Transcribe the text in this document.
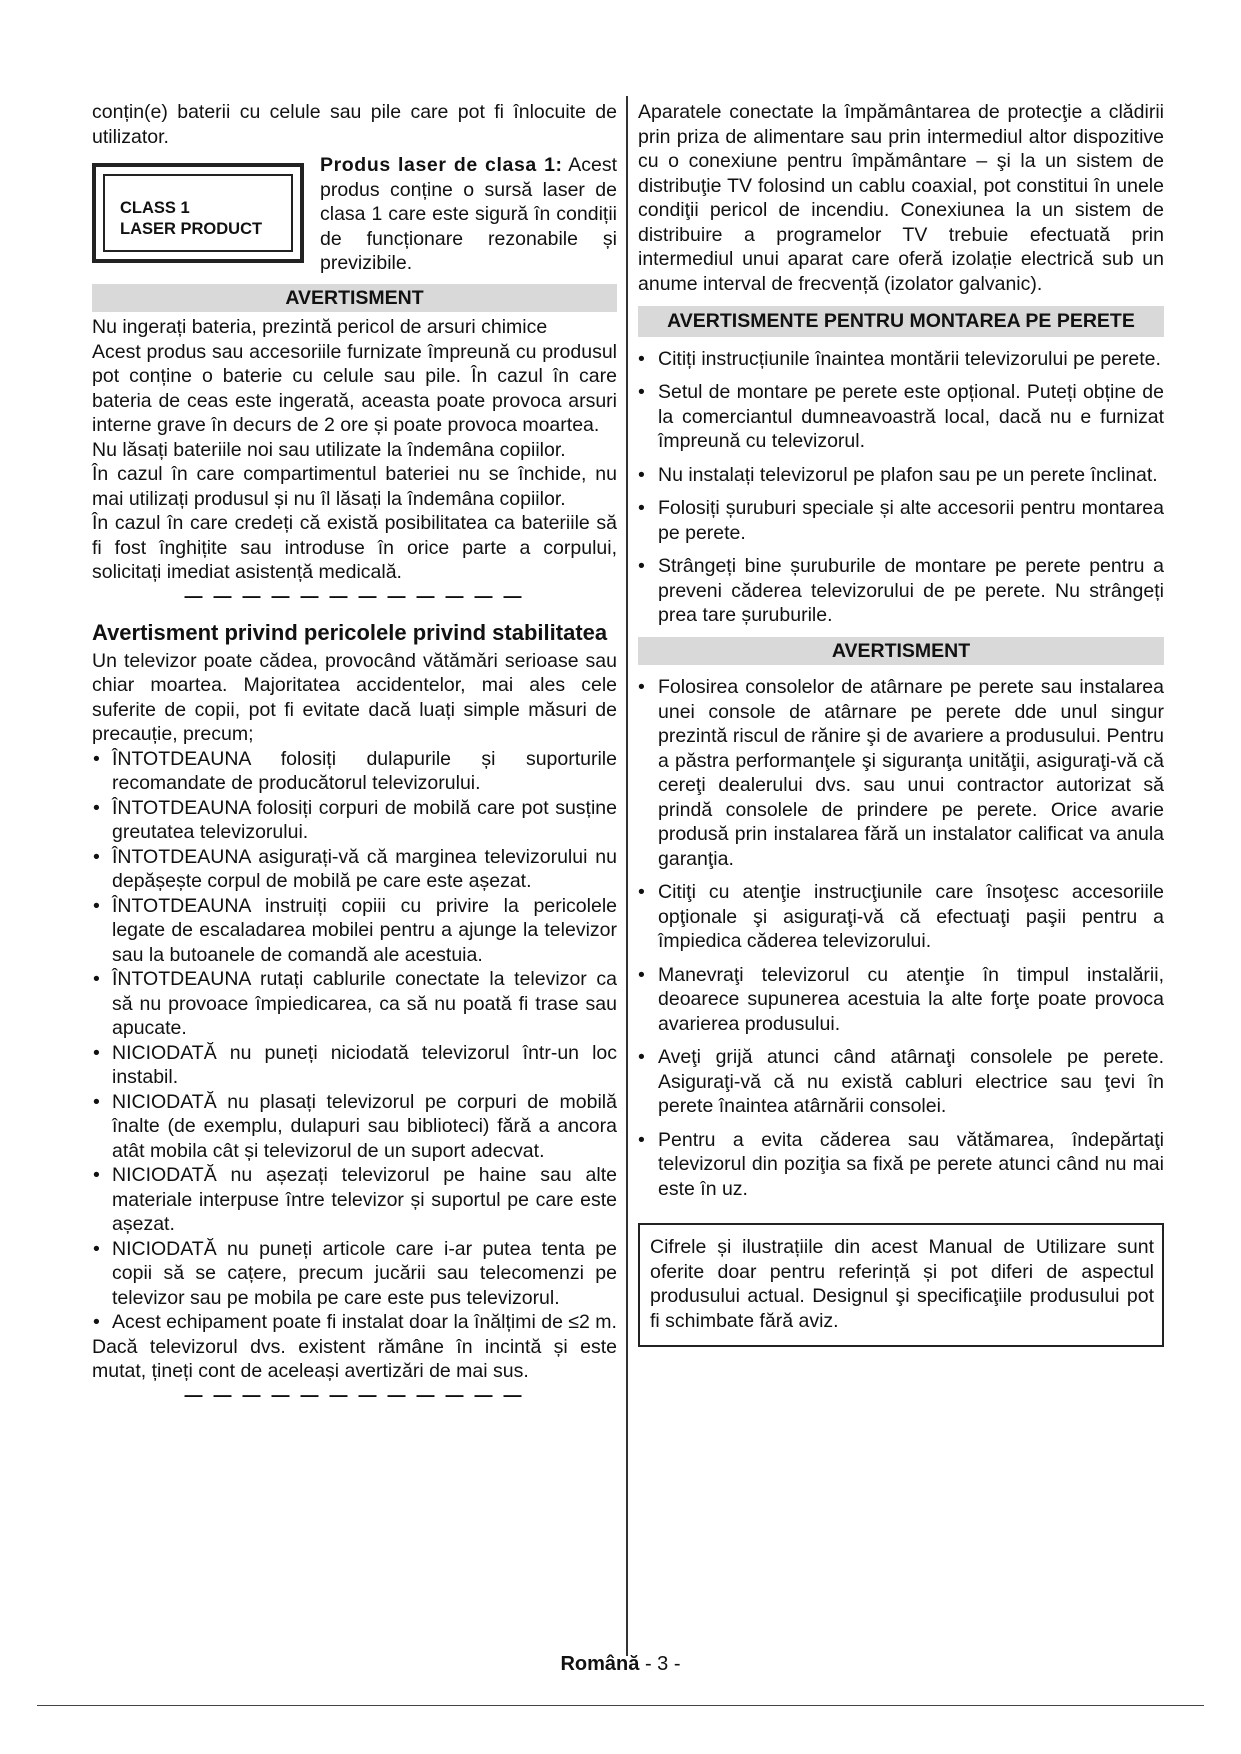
conțin(e) baterii cu celule sau pile care pot fi înlocuite de utilizator.

CLASS 1
LASER PRODUCT
Produs laser de clasa 1: Acest produs conține o sursă laser de clasa 1 care este sigură în condiții de funcționare rezonabile și previzibile.
AVERTISMENT

Nu ingerați bateria, prezintă pericol de arsuri chimice

Acest produs sau accesoriile furnizate împreună cu produsul pot conține o baterie cu celule sau pile. În cazul în care bateria de ceas este ingerată, aceasta poate provoca arsuri interne grave în decurs de 2 ore și poate provoca moartea.

Nu lăsați bateriile noi sau utilizate la îndemâna copiilor.

În cazul în care compartimentul bateriei nu se închide, nu mai utilizați produsul și nu îl lăsați la îndemâna copiilor.

În cazul în care credeți că există posibilitatea ca bateriile să fi fost înghițite sau introduse în orice parte a corpului, solicitați imediat asistență medicală.

— — — — — — — — — — — —
Avertisment privind pericolele privind stabilitatea

Un televizor poate cădea, provocând vătămări serioase sau chiar moartea. Majoritatea accidentelor, mai ales cele suferite de copii, pot fi evitate dacă luați simple măsuri de precauție, precum;

• ÎNTOTDEAUNA folosiți dulapurile și suporturile recomandate de producătorul televizorului.
• ÎNTOTDEAUNA folosiți corpuri de mobilă care pot susține greutatea televizorului.
• ÎNTOTDEAUNA asigurați-vă că marginea televizorului nu depășește corpul de mobilă pe care este așezat.
• ÎNTOTDEAUNA instruiți copiii cu privire la pericolele legate de escaladarea mobilei pentru a ajunge la televizor sau la butoanele de comandă ale acestuia.
• ÎNTOTDEAUNA rutați cablurile conectate la televizor ca să nu provoace împiedicarea, ca să nu poată fi trase sau apucate.
• NICIODATĂ nu puneți niciodată televizorul într-un loc instabil.
• NICIODATĂ nu plasați televizorul pe corpuri de mobilă înalte (de exemplu, dulapuri sau biblioteci) fără a ancora atât mobila cât și televizorul de un suport adecvat.
• NICIODATĂ nu așezați televizorul pe haine sau alte materiale interpuse între televizor și suportul pe care este așezat.
• NICIODATĂ nu puneți articole care i-ar putea tenta pe copii să se cațere, precum jucării sau telecomenzi pe televizor sau pe mobila pe care este pus televizorul.
• Acest echipament poate fi instalat doar la înălțimi de ≤2 m.

Dacă televizorul dvs. existent rămâne în incintă și este mutat, țineți cont de aceleași avertizări de mai sus.

— — — — — — — — — — — —

Aparatele conectate la împământarea de protecţie a clădirii prin priza de alimentare sau prin intermediul altor dispozitive cu o conexiune pentru împământare – şi la un sistem de distribuţie TV folosind un cablu coaxial, pot constitui în unele condiţii pericol de incendiu. Conexiunea la un sistem de distribuire a programelor TV trebuie efectuată prin intermediul unui aparat care oferă izolație electrică sub un anume interval de frecvență (izolator galvanic).

AVERTISMENTE PENTRU MONTAREA PE PERETE
• Citiți instrucțiunile înaintea montării televizorului pe perete.
• Setul de montare pe perete este opțional. Puteți obține de la comerciantul dumneavoastră local, dacă nu e furnizat împreună cu televizorul.
• Nu instalați televizorul pe plafon sau pe un perete înclinat.
• Folosiți șuruburi speciale și alte accesorii pentru montarea pe perete.
• Strângeți bine șuruburile de montare pe perete pentru a preveni căderea televizorului de pe perete. Nu strângeți prea tare șuruburile.
AVERTISMENT
• Folosirea consolelor de atârnare pe perete sau instalarea unei console de atârnare pe perete dde unul singur prezintă riscul de rănire şi de avariere a produsului. Pentru a păstra performanţele şi siguranţa unităţii, asiguraţi-vă că cereţi dealerului dvs. sau unui contractor autorizat să prindă consolele de prindere pe perete. Orice avarie produsă prin instalarea fără un instalator calificat va anula garanţia.
• Citiţi cu atenţie instrucţiunile care însoţesc accesoriile opţionale şi asiguraţi-vă că efectuaţi paşii pentru a împiedica căderea televizorului.
• Manevraţi televizorul cu atenţie în timpul instalării, deoarece supunerea acestuia la alte forţe poate provoca avarierea produsului.
• Aveţi grijă atunci când atârnaţi consolele pe perete. Asiguraţi-vă că nu există cabluri electrice sau ţevi în perete înaintea atârnării consolei.
• Pentru a evita căderea sau vătămarea, îndepărtaţi televizorul din poziţia sa fixă pe perete atunci când nu mai este în uz.
Cifrele și ilustrațiile din acest Manual de Utilizare sunt oferite doar pentru referință și pot diferi de aspectul produsului actual. Designul şi specificaţiile produsului pot fi schimbate fără aviz.
Română - 3 -
